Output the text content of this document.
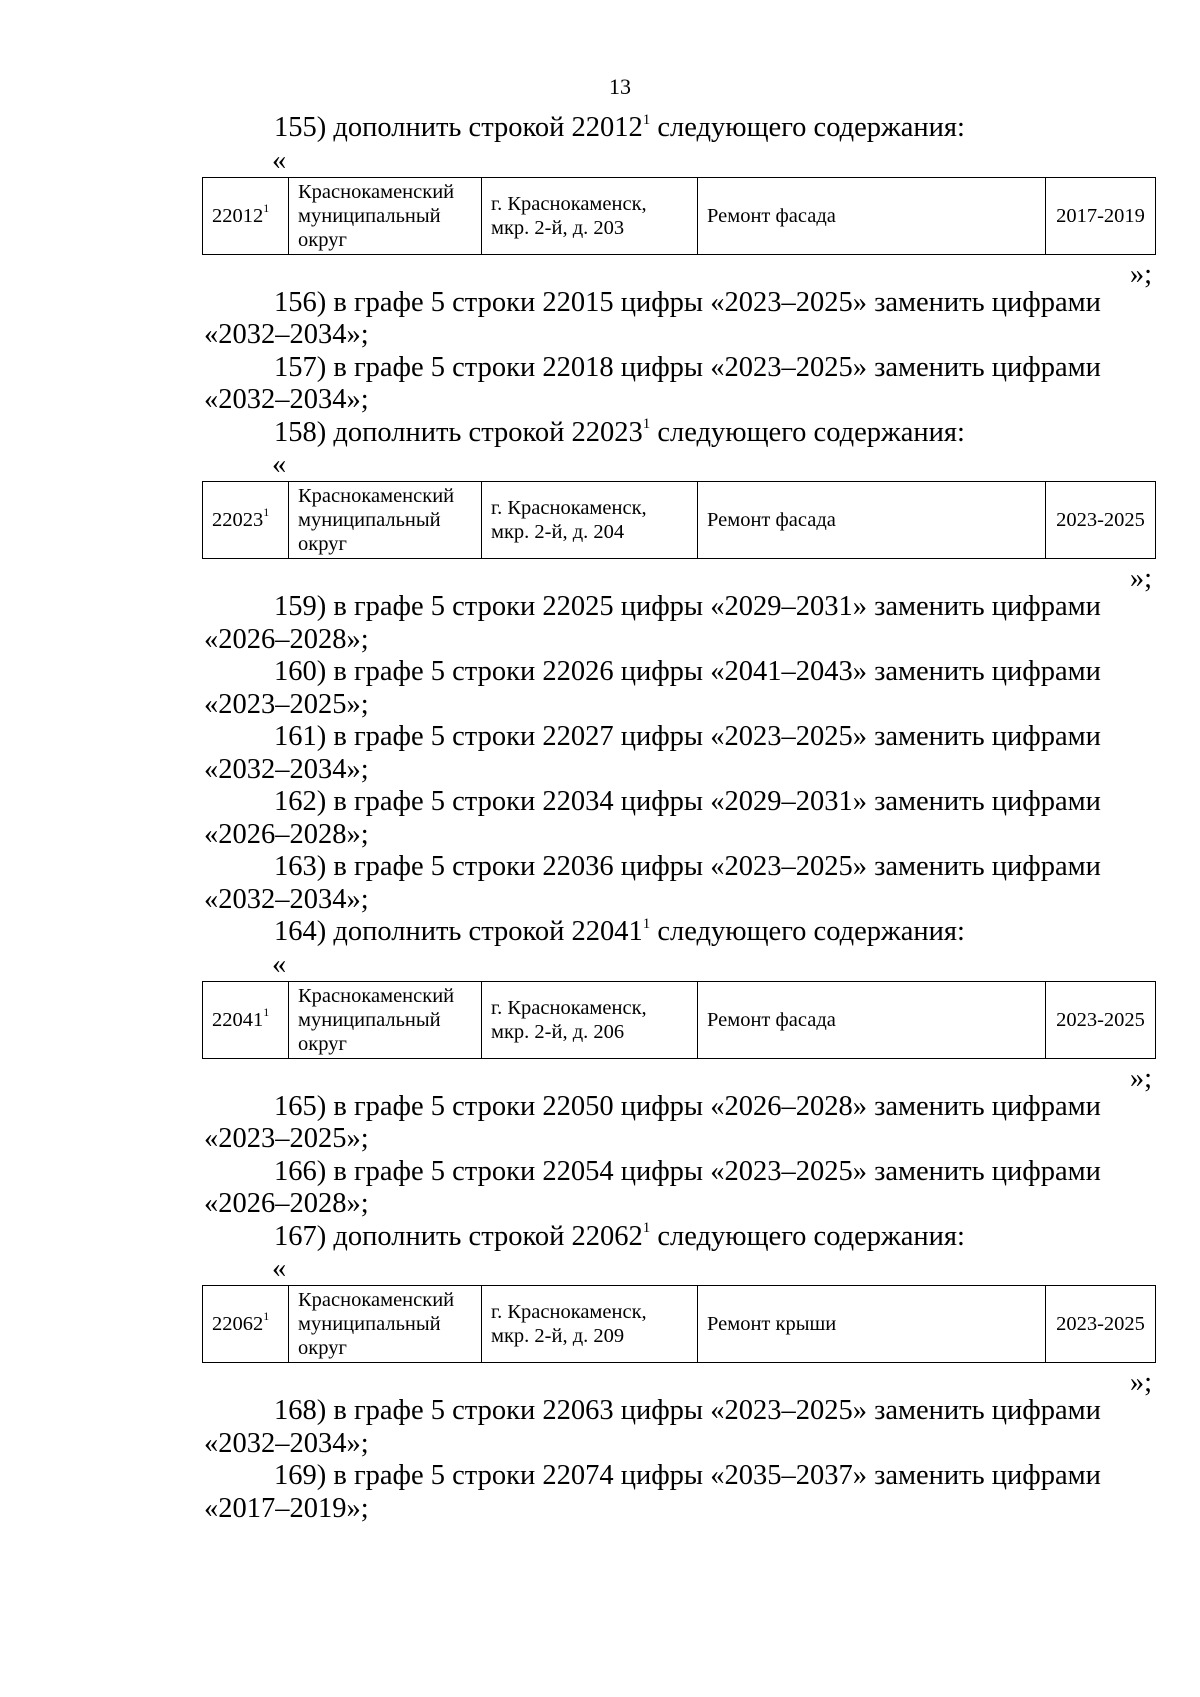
13

155) дополнить строкой 22012$^1$ следующего содержания:

«
22012$^1$	Краснокаменский муниципальный округ	г. Краснокаменск, мкр. 2-й, д. 203	Ремонт фасада	2017-2019
»;

156) в графе 5 строки 22015 цифры «2023–2025» заменить цифрами

«2032–2034»;

157) в графе 5 строки 22018 цифры «2023–2025» заменить цифрами

«2032–2034»;

158) дополнить строкой 22023$^1$ следующего содержания:

«
22023$^1$	Краснокаменский муниципальный округ	г. Краснокаменск, мкр. 2-й, д. 204	Ремонт фасада	2023-2025
»;

159) в графе 5 строки 22025 цифры «2029–2031» заменить цифрами

«2026–2028»;

160) в графе 5 строки 22026 цифры «2041–2043» заменить цифрами

«2023–2025»;

161) в графе 5 строки 22027 цифры «2023–2025» заменить цифрами

«2032–2034»;

162) в графе 5 строки 22034 цифры «2029–2031» заменить цифрами

«2026–2028»;

163) в графе 5 строки 22036 цифры «2023–2025» заменить цифрами

«2032–2034»;

164) дополнить строкой 22041$^1$ следующего содержания:

«
22041$^1$	Краснокаменский муниципальный округ	г. Краснокаменск, мкр. 2-й, д. 206	Ремонт фасада	2023-2025
»;

165) в графе 5 строки 22050 цифры «2026–2028» заменить цифрами

«2023–2025»;

166) в графе 5 строки 22054 цифры «2023–2025» заменить цифрами

«2026–2028»;

167) дополнить строкой 22062$^1$ следующего содержания:

«
22062$^1$	Краснокаменский муниципальный округ	г. Краснокаменск, мкр. 2-й, д. 209	Ремонт крыши	2023-2025
»;

168) в графе 5 строки 22063 цифры «2023–2025» заменить цифрами

«2032–2034»;

169) в графе 5 строки 22074 цифры «2035–2037» заменить цифрами

«2017–2019»;
